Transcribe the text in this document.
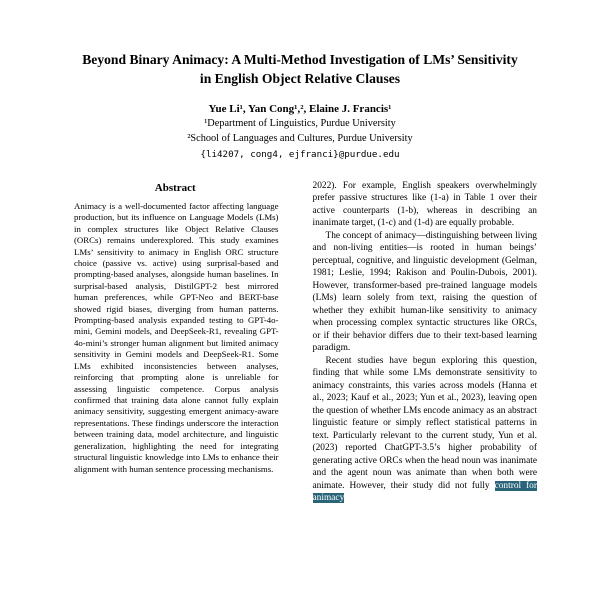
Beyond Binary Animacy: A Multi-Method Investigation of LMs’ Sensitivity
in English Object Relative Clauses
Yue Li¹, Yan Cong¹,², Elaine J. Francis¹
¹Department of Linguistics, Purdue University
²School of Languages and Cultures, Purdue University
{li4207, cong4, ejfranci}@purdue.edu
Abstract

Animacy is a well-documented factor affecting language production, but its influence on Language Models (LMs) in complex structures like Object Relative Clauses (ORCs) remains underexplored. This study examines LMs’ sensitivity to animacy in English ORC structure choice (passive vs. active) using surprisal-based and prompting-based analyses, alongside human baselines. In surprisal-based analysis, DistilGPT-2 best mirrored human preferences, while GPT-Neo and BERT-base showed rigid biases, diverging from human patterns. Prompting-based analysis expanded testing to GPT-4o-mini, Gemini models, and DeepSeek-R1, revealing GPT-4o-mini’s stronger human alignment but limited animacy sensitivity in Gemini models and DeepSeek-R1. Some LMs exhibited inconsistencies between analyses, reinforcing that prompting alone is unreliable for assessing linguistic competence. Corpus analysis confirmed that training data alone cannot fully explain animacy sensitivity, suggesting emergent animacy-aware representations. These findings underscore the interaction between training data, model architecture, and linguistic generalization, highlighting the need for integrating structural linguistic knowledge into LMs to enhance their alignment with human sentence processing mechanisms.

2022). For example, English speakers overwhelmingly prefer passive structures like (1-a) in Table 1 over their active counterparts (1-b), whereas in describing an inanimate target, (1-c) and (1-d) are equally probable.

The concept of animacy—distinguishing between living and non-living entities—is rooted in human beings’ perceptual, cognitive, and linguistic development (Gelman, 1981; Leslie, 1994; Rakison and Poulin-Dubois, 2001). However, transformer-based pre-trained language models (LMs) learn solely from text, raising the question of whether they exhibit human-like sensitivity to animacy when processing complex syntactic structures like ORCs, or if their behavior differs due to their text-based learning paradigm.

Recent studies have begun exploring this question, finding that while some LMs demonstrate sensitivity to animacy constraints, this varies across models (Hanna et al., 2023; Kauf et al., 2023; Yun et al., 2023), leaving open the question of whether LMs encode animacy as an abstract linguistic feature or simply reflect statistical patterns in text. Particularly relevant to the current study, Yun et al. (2023) reported ChatGPT-3.5’s higher probability of generating active ORCs when the head noun was inanimate and the agent noun was animate than when both were animate. However, their study did not fully control for animacy
